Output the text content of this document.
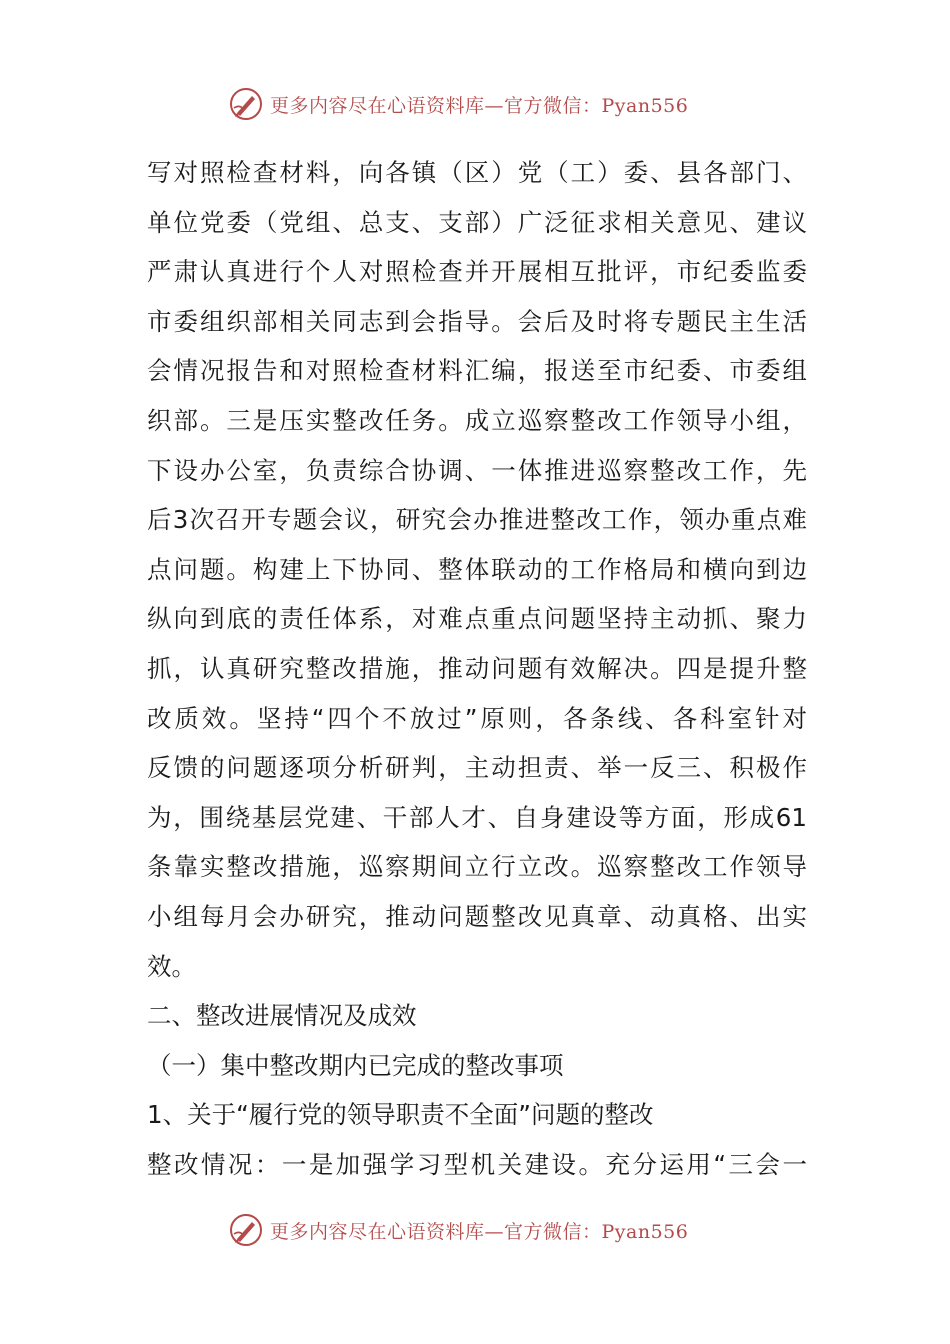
更多内容尽在心语资料库—官方微信：Pyan556
写对照检查材料，向各镇（区）党（工）委、县各部门、
单位党委（党组、总支、支部）广泛征求相关意见、建议
严肃认真进行个人对照检查并开展相互批评，市纪委监委
市委组织部相关同志到会指导。会后及时将专题民主生活
会情况报告和对照检查材料汇编，报送至市纪委、市委组
织部。三是压实整改任务。成立巡察整改工作领导小组，
下设办公室，负责综合协调、一体推进巡察整改工作，先
后3次召开专题会议，研究会办推进整改工作，领办重点难
点问题。构建上下协同、整体联动的工作格局和横向到边
纵向到底的责任体系，对难点重点问题坚持主动抓、聚力
抓，认真研究整改措施，推动问题有效解决。四是提升整
改质效。坚持“四个不放过”原则，各条线、各科室针对
反馈的问题逐项分析研判，主动担责、举一反三、积极作
为，围绕基层党建、干部人才、自身建设等方面，形成61
条靠实整改措施，巡察期间立行立改。巡察整改工作领导
小组每月会办研究，推动问题整改见真章、动真格、出实
效。
二、整改进展情况及成效
（一）集中整改期内已完成的整改事项
1、关于“履行党的领导职责不全面”问题的整改
整改情况：一是加强学习型机关建设。充分运用“三会一
更多内容尽在心语资料库—官方微信：Pyan556
